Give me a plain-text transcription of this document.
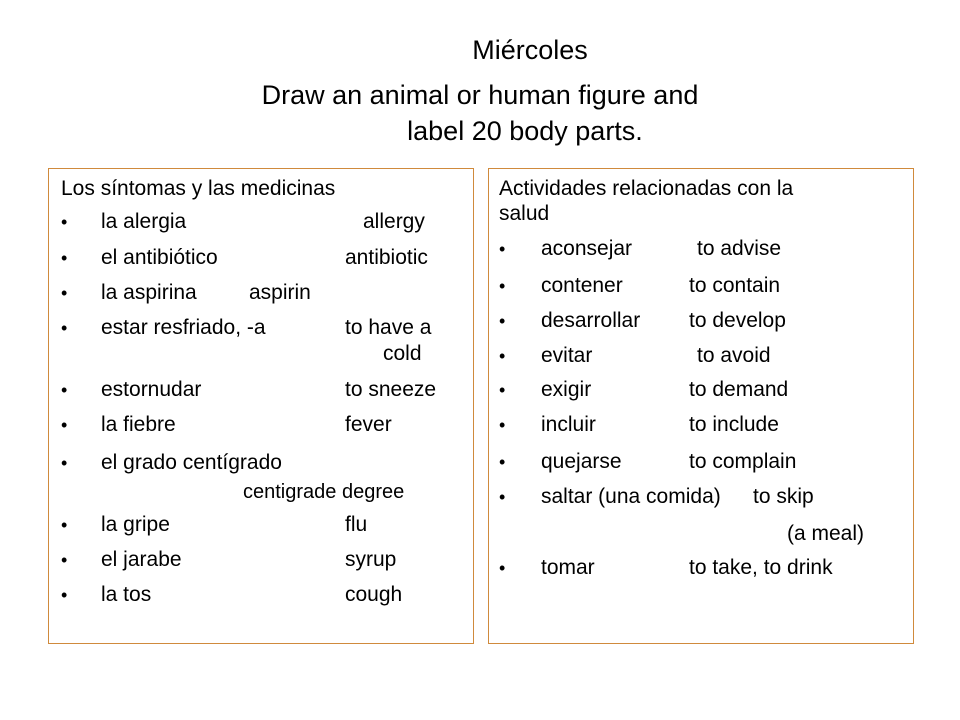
Miércoles
Draw an animal or human figure and
label 20 body parts.
Los síntomas y las medicinas
• la alergia	allergy
• el antibiótico	antibiotic
• la aspirina aspirin
• estar resfriado, -a	to have a
cold
• estornudar	to sneeze
• la fiebre	fever
• el grado centígrado
centigrade degree
• la gripe	flu
• el jarabe	syrup
• la tos	cough
Actividades relacionadas con la
salud
• aconsejar	to advise
• contener	to contain
• desarrollar to develop
• evitar	to avoid
• exigir	to demand
• incluir	to include
• quejarse	to complain
• saltar (una comida) to skip
(a meal)
• tomar	to take, to drink
